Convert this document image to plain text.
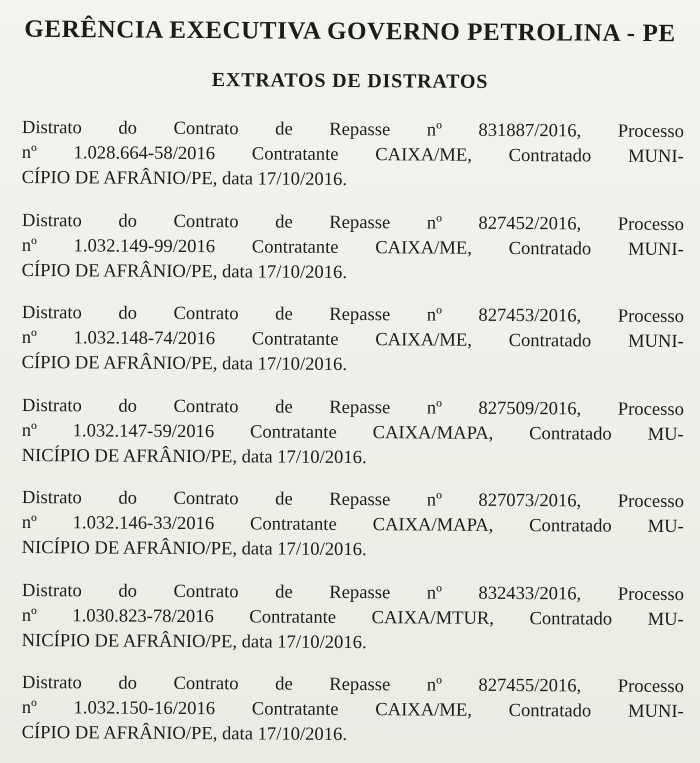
GERÊNCIA EXECUTIVA GOVERNO PETROLINA - PE
EXTRATOS DE DISTRATOS
Distrato do Contrato de Repasse nº 831887/2016, Processo
nº 1.028.664-58/2016 Contratante CAIXA/ME, Contratado MUNI-
CÍPIO DE AFRÂNIO/PE, data 17/10/2016.
Distrato do Contrato de Repasse nº 827452/2016, Processo
nº 1.032.149-99/2016 Contratante CAIXA/ME, Contratado MUNI-
CÍPIO DE AFRÂNIO/PE, data 17/10/2016.
Distrato do Contrato de Repasse nº 827453/2016, Processo
nº 1.032.148-74/2016 Contratante CAIXA/ME, Contratado MUNI-
CÍPIO DE AFRÂNIO/PE, data 17/10/2016.
Distrato do Contrato de Repasse nº 827509/2016, Processo
nº 1.032.147-59/2016 Contratante CAIXA/MAPA, Contratado MU-
NICÍPIO DE AFRÂNIO/PE, data 17/10/2016.
Distrato do Contrato de Repasse nº 827073/2016, Processo
nº 1.032.146-33/2016 Contratante CAIXA/MAPA, Contratado MU-
NICÍPIO DE AFRÂNIO/PE, data 17/10/2016.
Distrato do Contrato de Repasse nº 832433/2016, Processo
nº 1.030.823-78/2016 Contratante CAIXA/MTUR, Contratado MU-
NICÍPIO DE AFRÂNIO/PE, data 17/10/2016.
Distrato do Contrato de Repasse nº 827455/2016, Processo
nº 1.032.150-16/2016 Contratante CAIXA/ME, Contratado MUNI-
CÍPIO DE AFRÂNIO/PE, data 17/10/2016.
